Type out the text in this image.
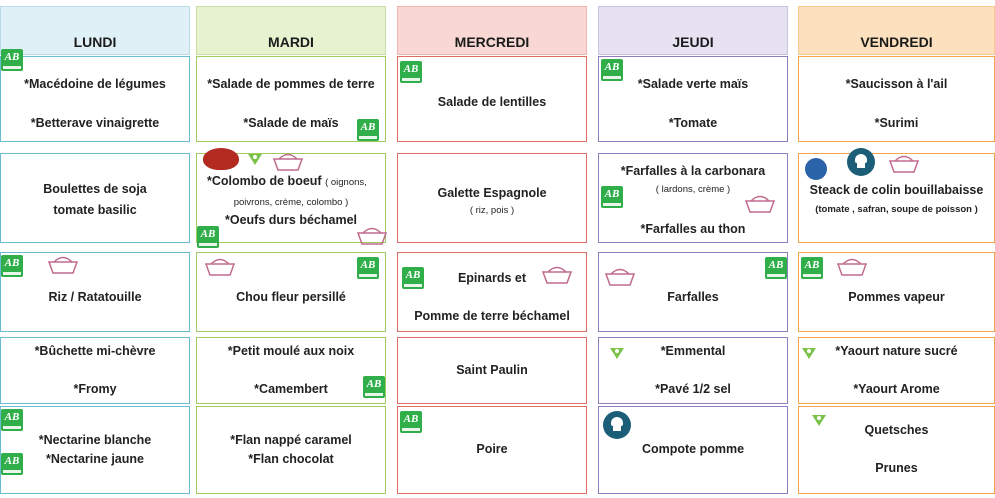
LUNDI
AB
*Macédoine de légumes
*Betterave vinaigrette
Boulettes de soja
tomate basilic
AB
Riz / Ratatouille
*Bûchette mi-chèvre
*Fromy
AB
AB
*Nectarine blanche
*Nectarine jaune
MARDI
AB
*Salade de pommes de terre
*Salade de maïs
*Colombo de boeuf ( oignons,
poivrons, crème, colombo )
*Oeufs durs béchamel
AB
AB
Chou fleur persillé
AB
*Petit moulé aux noix
*Camembert
*Flan nappé caramel
*Flan chocolat
MERCREDI
AB
Salade de lentilles
Galette Espagnole
( riz, pois )
AB	Epinards et
Pomme de terre béchamel
Saint Paulin
AB
Poire
JEUDI
AB
*Salade verte maïs
*Tomate
*Farfalles à la carbonara
( lardons, crème )
AB
*Farfalles au thon
AB
Farfalles
*Emmental
*Pavé 1/2 sel
Compote pomme
VENDREDI
*Saucisson à l'ail
*Surimi
Steack de colin bouillabaisse
(tomate , safran, soupe de poisson )
AB
Pommes vapeur
*Yaourt nature sucré
*Yaourt Arome
Quetsches
Prunes
